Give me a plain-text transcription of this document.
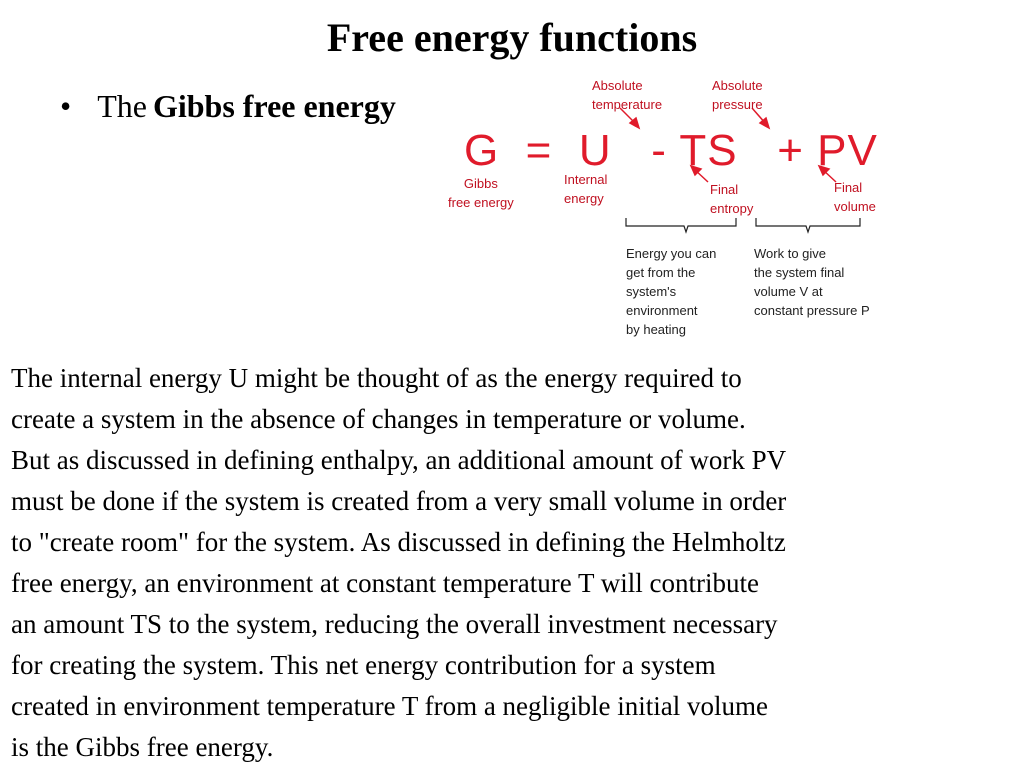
Free energy functions
• The Gibbs free energy
G  =  U   - TS   + PV
Absolute
temperature
Absolute
pressure
Gibbs
free energy
Internal
energy
Final
entropy
Final
volume
Energy you can
get from the
system's
environment
by heating
Work to give
the system final
volume V at
constant pressure P
The internal energy U might be thought of as the energy required to
create a system in the absence of changes in temperature or volume.
But as discussed in defining enthalpy, an additional amount of work PV
must be done if the system is created from a very small volume in order
to "create room" for the system. As discussed in defining the Helmholtz
free energy, an environment at constant temperature T will contribute
an amount TS to the system, reducing the overall investment necessary
for creating the system. This net energy contribution for a system
created in environment temperature T from a negligible initial volume
is the Gibbs free energy.
